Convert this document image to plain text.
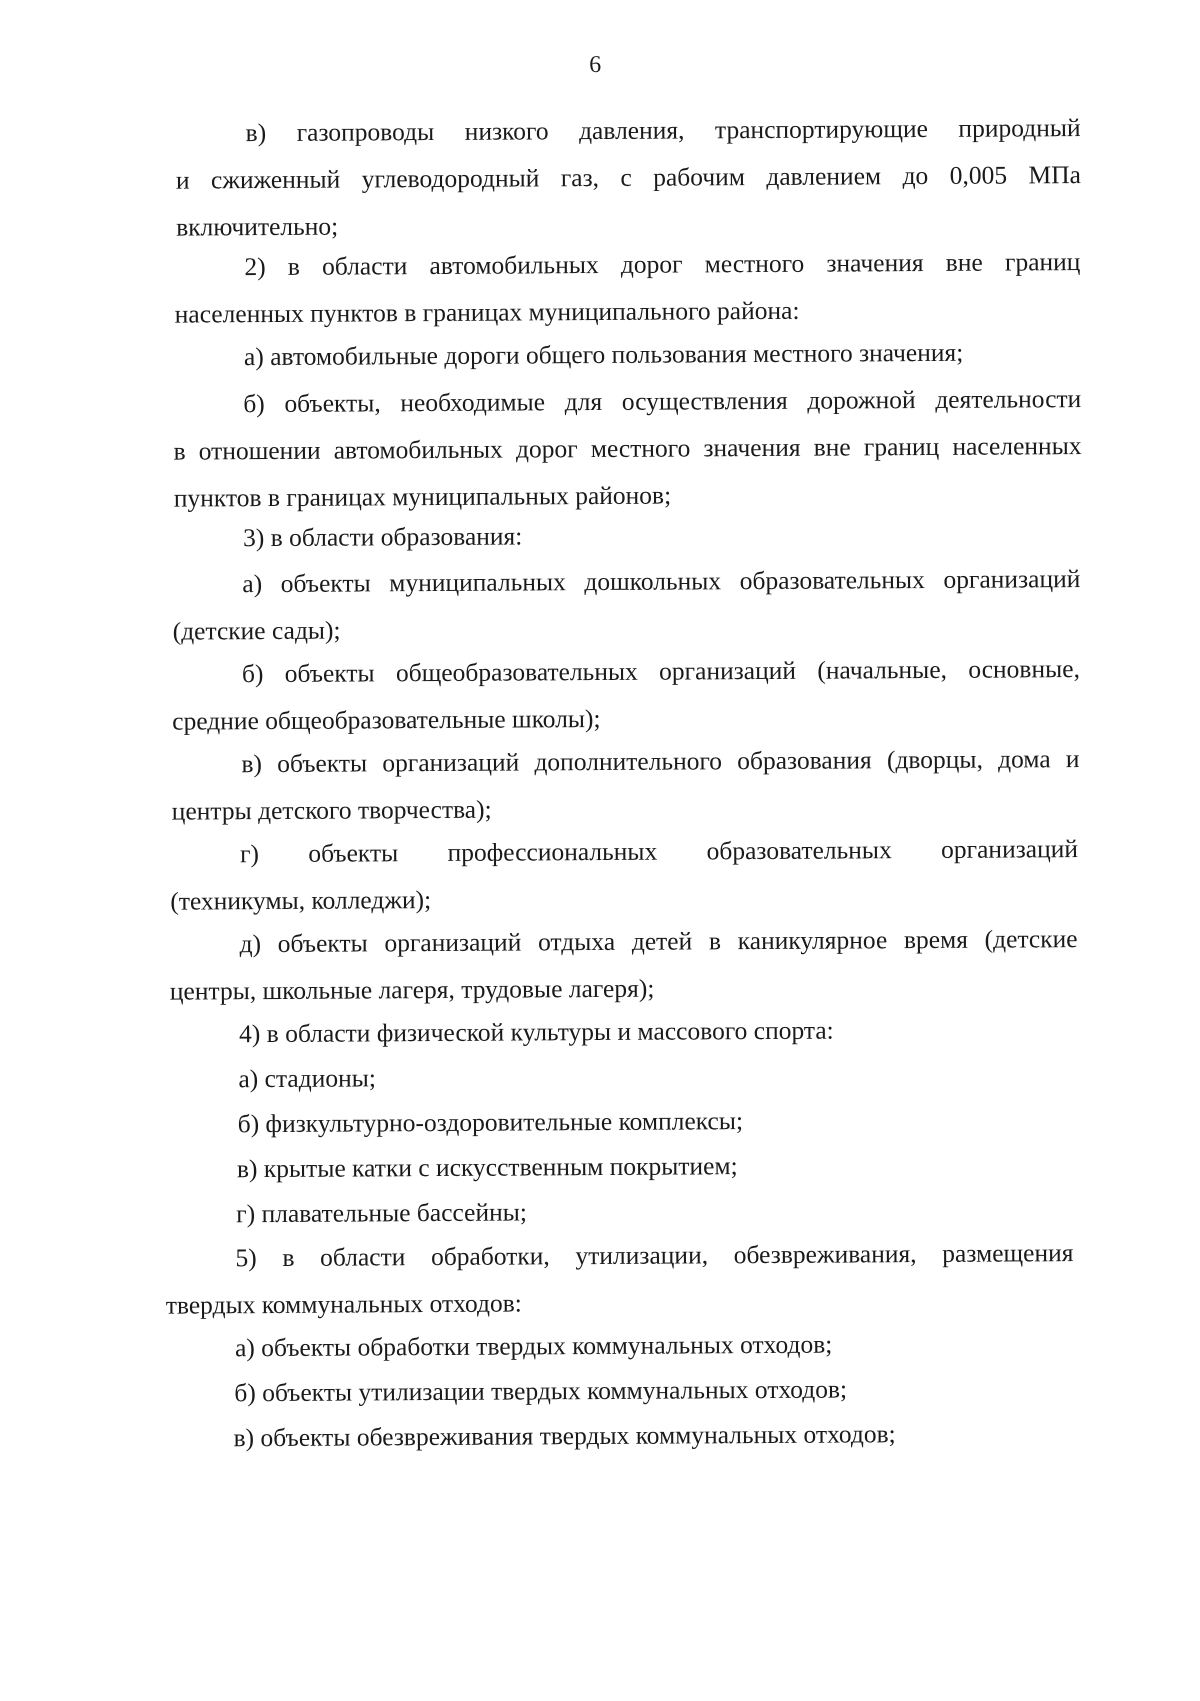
6
в) газопроводы низкого давления, транспортирующие природный
и сжиженный углеводородный газ, с рабочим давлением до 0,005 МПа
включительно;
2) в области автомобильных дорог местного значения вне границ
населенных пунктов в границах муниципального района:
а) автомобильные дороги общего пользования местного значения;
б) объекты, необходимые для осуществления дорожной деятельности
в отношении автомобильных дорог местного значения вне границ населенных
пунктов в границах муниципальных районов;
3) в области образования:
а) объекты муниципальных дошкольных образовательных организаций
(детские сады);
б) объекты общеобразовательных организаций (начальные, основные,
средние общеобразовательные школы);
в) объекты организаций дополнительного образования (дворцы, дома и
центры детского творчества);
г) объекты профессиональных образовательных организаций
(техникумы, колледжи);
д) объекты организаций отдыха детей в каникулярное время (детские
центры, школьные лагеря, трудовые лагеря);
4) в области физической культуры и массового спорта:
а) стадионы;
б) физкультурно-оздоровительные комплексы;
в) крытые катки с искусственным покрытием;
г) плавательные бассейны;
5) в области обработки, утилизации, обезвреживания, размещения
твердых коммунальных отходов:
а) объекты обработки твердых коммунальных отходов;
б) объекты утилизации твердых коммунальных отходов;
в) объекты обезвреживания твердых коммунальных отходов;
